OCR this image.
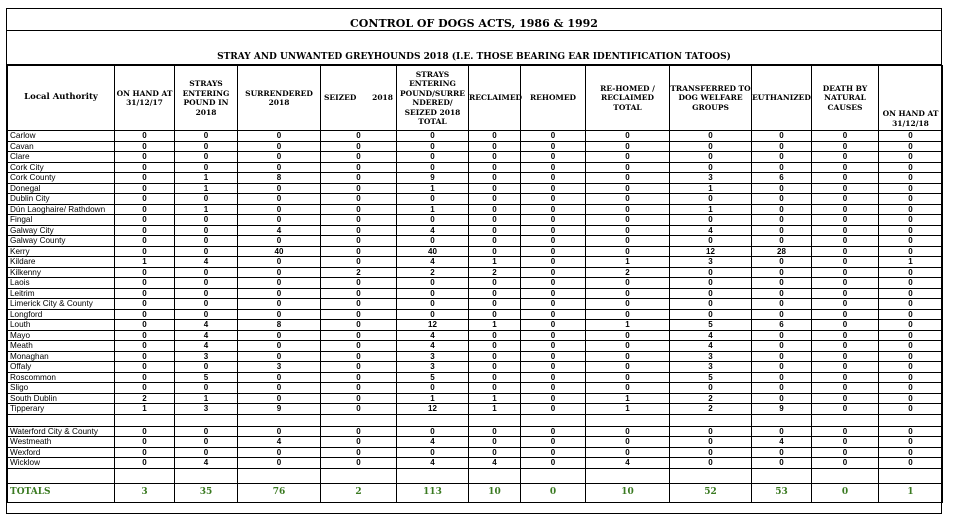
CONTROL OF DOGS ACTS, 1986 & 1992
STRAY AND UNWANTED GREYHOUNDS 2018 (I.E. THOSE BEARING EAR IDENTIFICATION TATOOS)
Local Authority	ON HAND AT 31/12/17	STRAYS ENTERING POUND IN 2018	SURRENDERED 2018	SEIZED 2018	STRAYS ENTERING POUND/SURRE NDERED/ SEIZED 2018 TOTAL	RECLAIMED	REHOMED	RE-HOMED / RECLAIMED TOTAL	TRANSFERRED TO DOG WELFARE GROUPS	EUTHANIZED	DEATH BY NATURAL CAUSES	ON HAND AT 31/12/18
Carlow	0	0	0	0	0	0	0	0	0	0	0	0
Cavan	0	0	0	0	0	0	0	0	0	0	0	0
Clare	0	0	0	0	0	0	0	0	0	0	0	0
Cork City	0	0	0	0	0	0	0	0	0	0	0	0
Cork County	0	1	8	0	9	0	0	0	3	6	0	0
Donegal	0	1	0	0	1	0	0	0	1	0	0	0
Dublin City	0	0	0	0	0	0	0	0	0	0	0	0
Dún Laoghaire/ Rathdown	0	1	0	0	1	0	0	0	1	0	0	0
Fingal	0	0	0	0	0	0	0	0	0	0	0	0
Galway City	0	0	4	0	4	0	0	0	4	0	0	0
Galway County	0	0	0	0	0	0	0	0	0	0	0	0
Kerry	0	0	40	0	40	0	0	0	12	28	0	0
Kildare	1	4	0	0	4	1	0	1	3	0	0	1
Kilkenny	0	0	0	2	2	2	0	2	0	0	0	0
Laois	0	0	0	0	0	0	0	0	0	0	0	0
Leitrim	0	0	0	0	0	0	0	0	0	0	0	0
Limerick City & County	0	0	0	0	0	0	0	0	0	0	0	0
Longford	0	0	0	0	0	0	0	0	0	0	0	0
Louth	0	4	8	0	12	1	0	1	5	6	0	0
Mayo	0	4	0	0	4	0	0	0	4	0	0	0
Meath	0	4	0	0	4	0	0	0	4	0	0	0
Monaghan	0	3	0	0	3	0	0	0	3	0	0	0
Offaly	0	0	3	0	3	0	0	0	3	0	0	0
Roscommon	0	5	0	0	5	0	0	0	5	0	0	0
Sligo	0	0	0	0	0	0	0	0	0	0	0	0
South Dublin	2	1	0	0	1	1	0	1	2	0	0	0
Tipperary	1	3	9	0	12	1	0	1	2	9	0	0

Waterford City & County	0	0	0	0	0	0	0	0	0	0	0	0
Westmeath	0	0	4	0	4	0	0	0	0	4	0	0
Wexford	0	0	0	0	0	0	0	0	0	0	0	0
Wicklow	0	4	0	0	4	4	0	4	0	0	0	0

TOTALS	3	35	76	2	113	10	0	10	52	53	0	1
